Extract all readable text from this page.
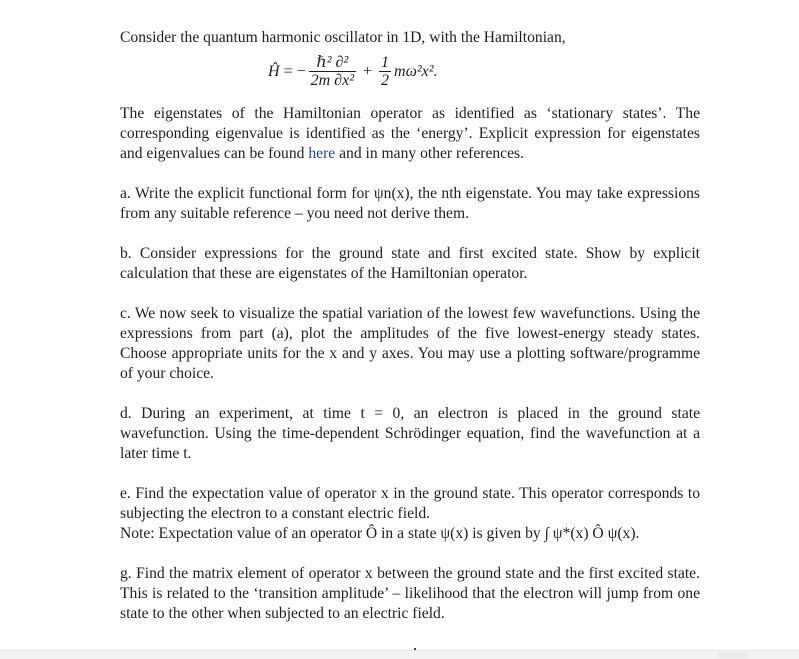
Consider the quantum harmonic oscillator in 1D, with the Hamiltonian,

Ĥ = − $\frac{\text{ℏ² ∂²}}{\text{2m ∂x²}} + \frac{1}{2} m\omega^2x^2$.

The eigenstates of the Hamiltonian operator as identified as ‘stationary states’. The corresponding eigenvalue is identified as the ‘energy’. Explicit expression for eigenstates and eigenvalues can be found here and in many other references.

a. Write the explicit functional form for ψn(x), the nth eigenstate. You may take expressions from any suitable reference – you need not derive them.

b. Consider expressions for the ground state and first excited state. Show by explicit calculation that these are eigenstates of the Hamiltonian operator.

c. We now seek to visualize the spatial variation of the lowest few wavefunctions. Using the expressions from part (a), plot the amplitudes of the five lowest-energy steady states. Choose appropriate units for the x and y axes. You may use a plotting software/programme of your choice.

d. During an experiment, at time t = 0, an electron is placed in the ground state wavefunction. Using the time-dependent Schrödinger equation, find the wavefunction at a later time t.

e. Find the expectation value of operator x in the ground state. This operator corresponds to subjecting the electron to a constant electric field.

Note: Expectation value of an operator Ô in a state ψ(x) is given by ∫ ψ*(x) Ô ψ(x).

g. Find the matrix element of operator x between the ground state and the first excited state. This is related to the ‘transition amplitude’ – likelihood that the electron will jump from one state to the other when subjected to an electric field.
